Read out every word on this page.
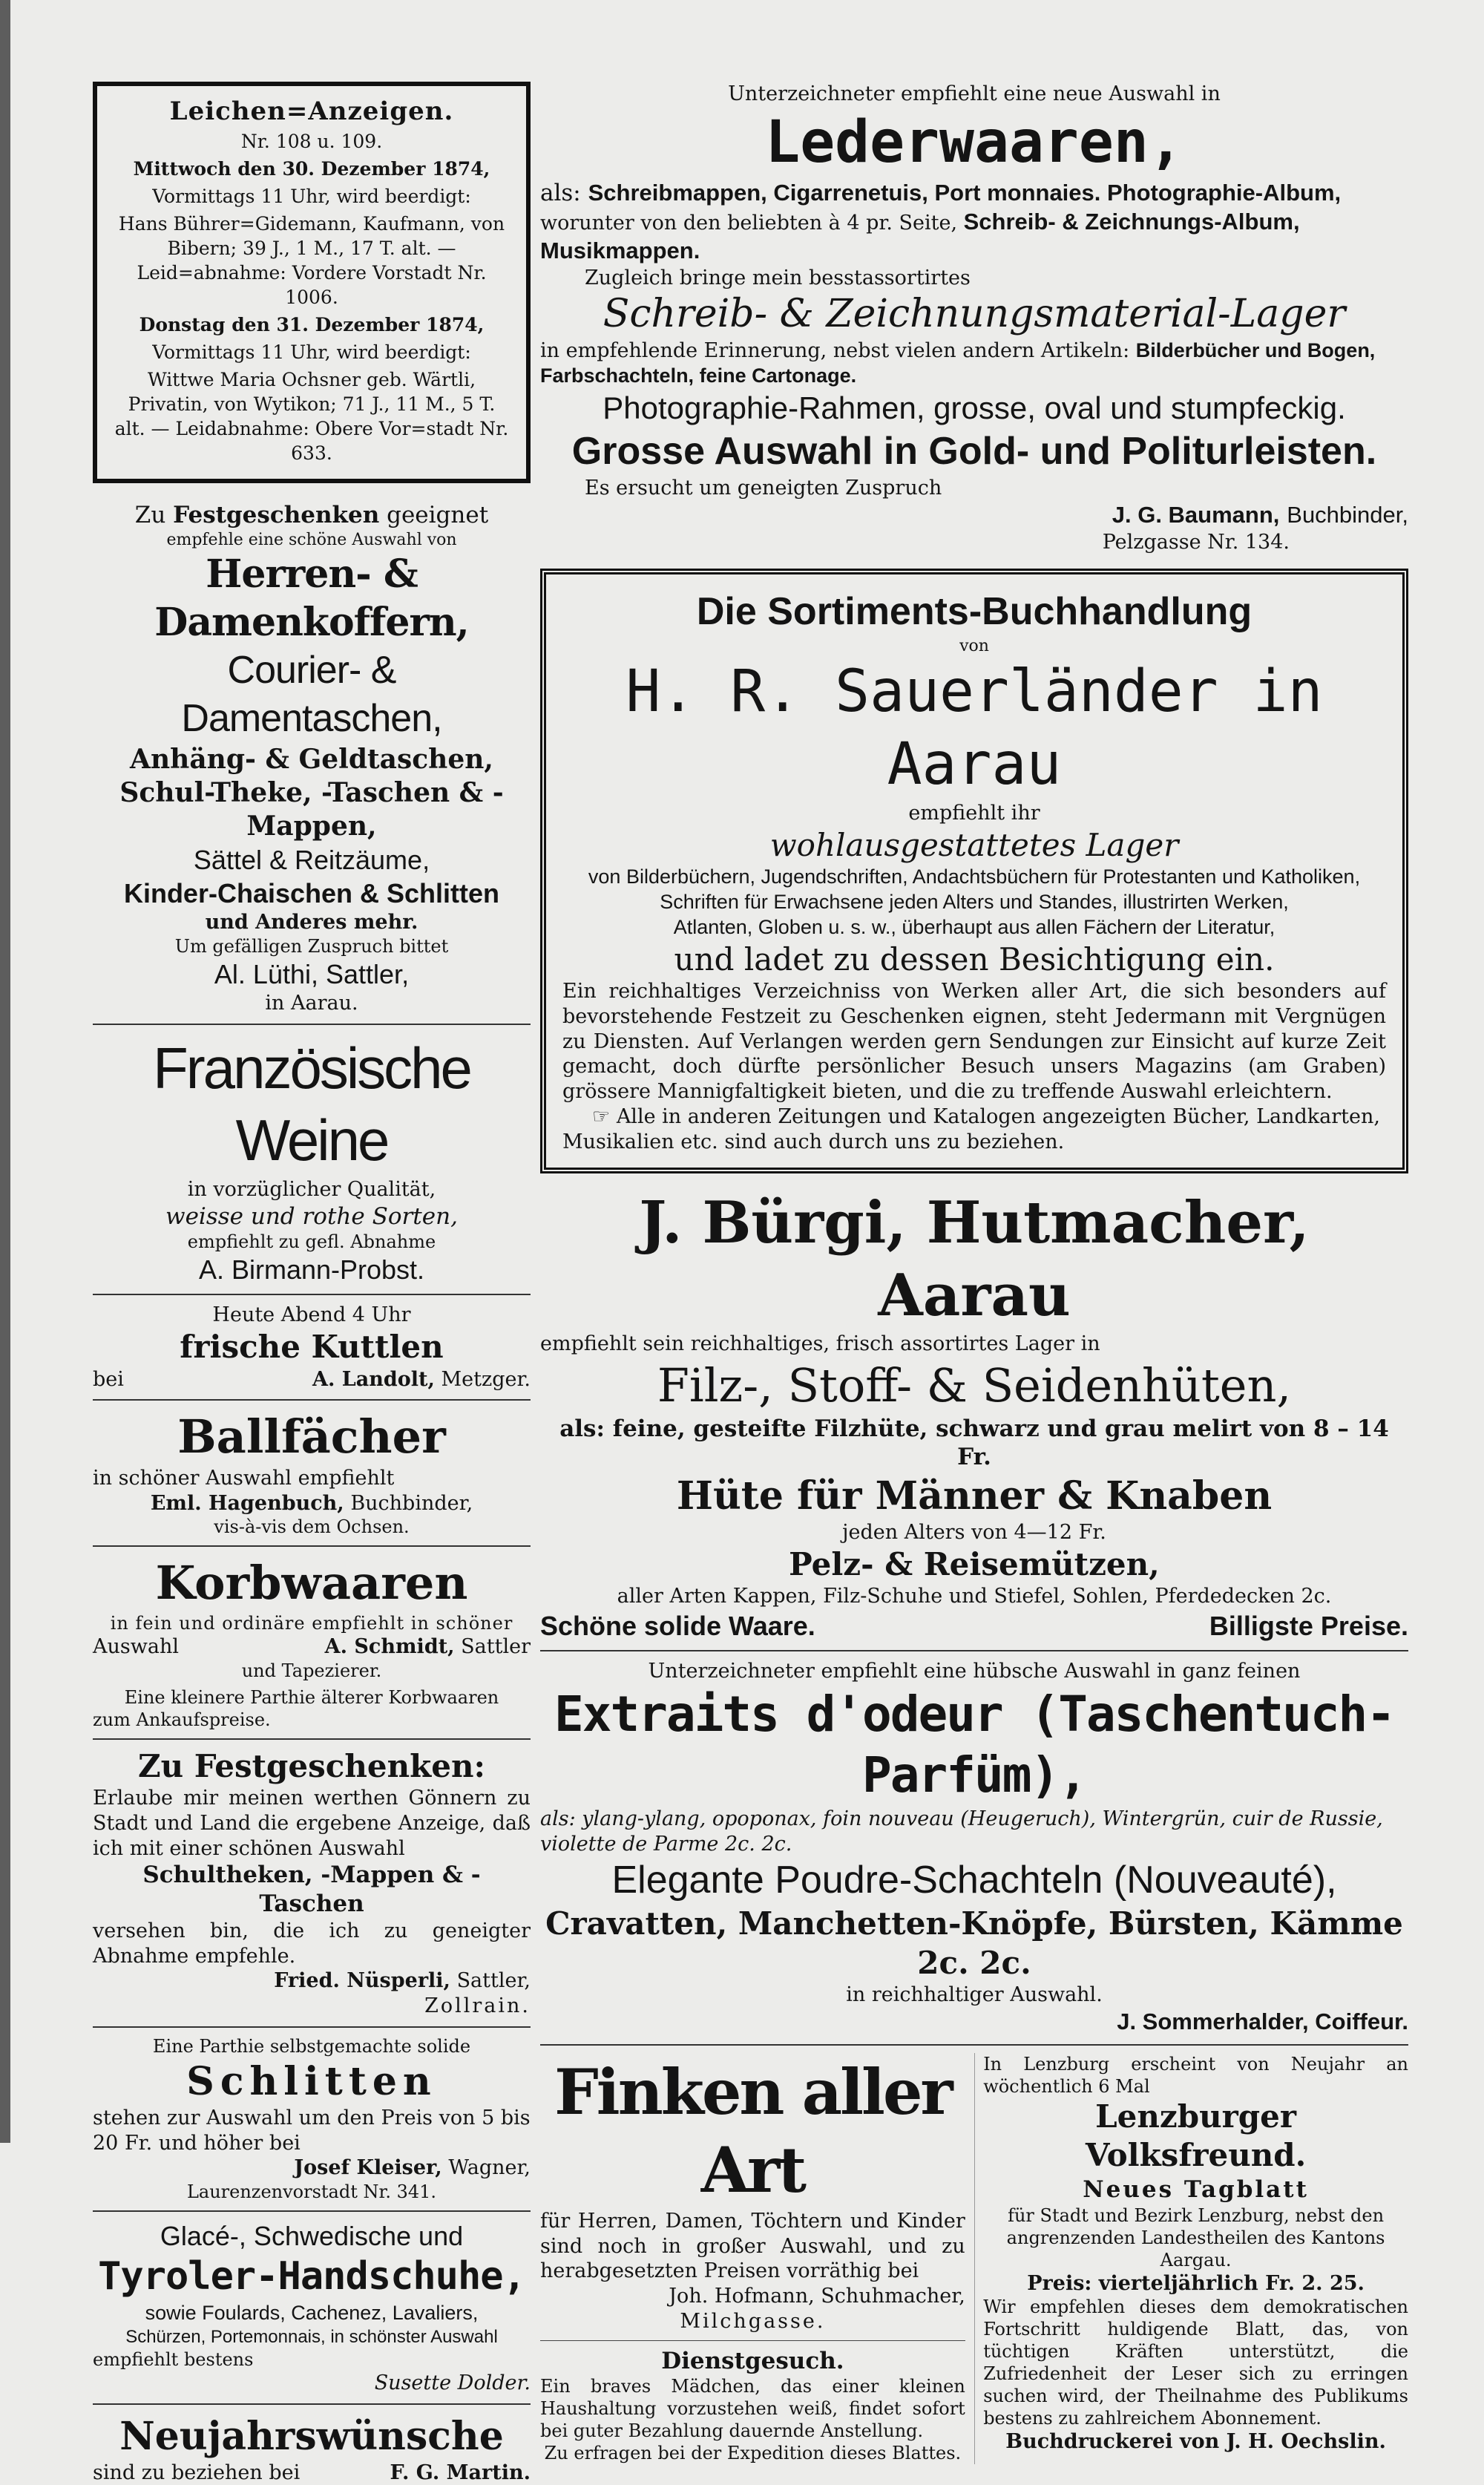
Leichen=Anzeigen.

Nr. 108 u. 109.

Mittwoch den 30. Dezember 1874,

Vormittags 11 Uhr, wird beerdigt:

Hans Bührer=Gidemann, Kaufmann, von Bibern; 39 J., 1 M., 17 T. alt. — Leid=abnahme: Vordere Vorstadt Nr. 1006.

Donstag den 31. Dezember 1874,

Vormittags 11 Uhr, wird beerdigt:

Wittwe Maria Ochsner geb. Wärtli, Privatin, von Wytikon; 71 J., 11 M., 5 T. alt. — Leidabnahme: Obere Vor=stadt Nr. 633.

Zu Festgeschenken geeignet
empfehle eine schöne Auswahl von
Herren- & Damenkoffern,
Courier- & Damentaschen,
Anhäng- & Geldtaschen,
Schul-Theke, -Taschen & -Mappen,
Sättel & Reitzäume,
Kinder-Chaischen & Schlitten
und Anderes mehr.
Um gefälligen Zuspruch bittet
Al. Lüthi, Sattler,
in Aarau.
Französische Weine
in vorzüglicher Qualität,
weisse und rothe Sorten,
empfiehlt zu gefl. Abnahme
A. Birmann-Probst.
Heute Abend 4 Uhr
frische Kuttlen
bei	A. Landolt, Metzger.
Ballfächer
in schöner Auswahl empfiehlt
Eml. Hagenbuch, Buchbinder,
vis-à-vis dem Ochsen.
Korbwaaren
in fein und ordinäre empfiehlt in schöner
Auswahl	A. Schmidt, Sattler
und Tapezierer.
Eine kleinere Parthie älterer Korbwaaren
zum Ankaufspreise.
Zu Festgeschenken:
Erlaube mir meinen werthen Gönnern zu Stadt und Land die ergebene Anzeige, daß ich mit einer schönen Auswahl
Schultheken, -Mappen & -Taschen
versehen bin, die ich zu geneigter Abnahme empfehle.
Fried. Nüsperli, Sattler,
Zollrain.
Eine Parthie selbstgemachte solide
Schlitten
stehen zur Auswahl um den Preis von 5 bis 20 Fr. und höher bei
Josef Kleiser, Wagner,
Laurenzenvorstadt Nr. 341.
Glacé-, Schwedische und
Tyroler-Handschuhe,
sowie Foulards, Cachenez, Lavaliers,
Schürzen, Portemonnais, in schönster Auswahl
empfiehlt bestens
Susette Dolder.
Neujahrswünsche
sind zu beziehen bei	F. G. Martin.
Unterzeichneter empfiehlt eine neue Auswahl in
Lederwaaren,
als: Schreibmappen, Cigarrenetuis, Port monnaies. Photographie-Album,
worunter von den beliebten à 4 pr. Seite, Schreib- & Zeichnungs-Album, Musikmappen.
Zugleich bringe mein besstassortirtes
Schreib- & Zeichnungsmaterial-Lager
in empfehlende Erinnerung, nebst vielen andern Artikeln: Bilderbücher und Bogen, Farbschachteln, feine Cartonage.
Photographie-Rahmen, grosse, oval und stumpfeckig.
Grosse Auswahl in Gold- und Politurleisten.
Es ersucht um geneigten Zuspruch
J. G. Baumann, Buchbinder,
Pelzgasse Nr. 134.
Die Sortiments-Buchhandlung
von
H. R. Sauerländer in Aarau
empfiehlt ihr
wohlausgestattetes Lager
von Bilderbüchern, Jugendschriften, Andachtsbüchern für Protestanten und Katholiken,
Schriften für Erwachsene jeden Alters und Standes, illustrirten Werken,
Atlanten, Globen u. s. w., überhaupt aus allen Fächern der Literatur,
und ladet zu dessen Besichtigung ein.
Ein reichhaltiges Verzeichniss von Werken aller Art, die sich besonders auf bevorstehende Festzeit zu Geschenken eignen, steht Jedermann mit Vergnügen zu Diensten. Auf Verlangen werden gern Sendungen zur Einsicht auf kurze Zeit gemacht, doch dürfte persönlicher Besuch unsers Magazins (am Graben) grössere Mannigfaltigkeit bieten, und die zu treffende Auswahl erleichtern.
☞ Alle in anderen Zeitungen und Katalogen angezeigten Bücher, Landkarten, Musikalien etc. sind auch durch uns zu beziehen.
J. Bürgi, Hutmacher, Aarau
empfiehlt sein reichhaltiges, frisch assortirtes Lager in
Filz-, Stoff- & Seidenhüten,
als: feine, gesteifte Filzhüte, schwarz und grau melirt von 8 – 14 Fr.
Hüte für Männer & Knaben
jeden Alters von 4—12 Fr.
Pelz- & Reisemützen,
aller Arten Kappen, Filz-Schuhe und Stiefel, Sohlen, Pferdedecken 2c.
Schöne solide Waare.	Billigste Preise.
Unterzeichneter empfiehlt eine hübsche Auswahl in ganz feinen
Extraits d'odeur (Taschentuch-Parfüm),
als: ylang-ylang, opoponax, foin nouveau (Heugeruch), Wintergrün, cuir de Russie, violette de Parme 2c. 2c.
Elegante Poudre-Schachteln (Nouveauté),
Cravatten, Manchetten-Knöpfe, Bürsten, Kämme 2c. 2c.
in reichhaltiger Auswahl.
J. Sommerhalder, Coiffeur.
Finken aller Art
für Herren, Damen, Töchtern und Kinder sind noch in großer Auswahl, und zu herabgesetzten Preisen vorräthig bei
Joh. Hofmann, Schuhmacher,
Milchgasse.
Dienstgesuch.
Ein braves Mädchen, das einer kleinen Haushaltung vorzustehen weiß, findet sofort bei guter Bezahlung dauernde Anstellung.
Zu erfragen bei der Expedition dieses Blattes.
In Lenzburg erscheint von Neujahr an wöchentlich 6 Mal
Lenzburger Volksfreund.
Neues Tagblatt
für Stadt und Bezirk Lenzburg, nebst den angrenzenden Landestheilen des Kantons Aargau.
Preis: vierteljährlich Fr. 2. 25.
Wir empfehlen dieses dem demokratischen Fortschritt huldigende Blatt, das, von tüchtigen Kräften unterstützt, die Zufriedenheit der Leser sich zu erringen suchen wird, der Theilnahme des Publikums bestens zu zahlreichem Abonnement.
Buchdruckerei von J. H. Oechslin.
